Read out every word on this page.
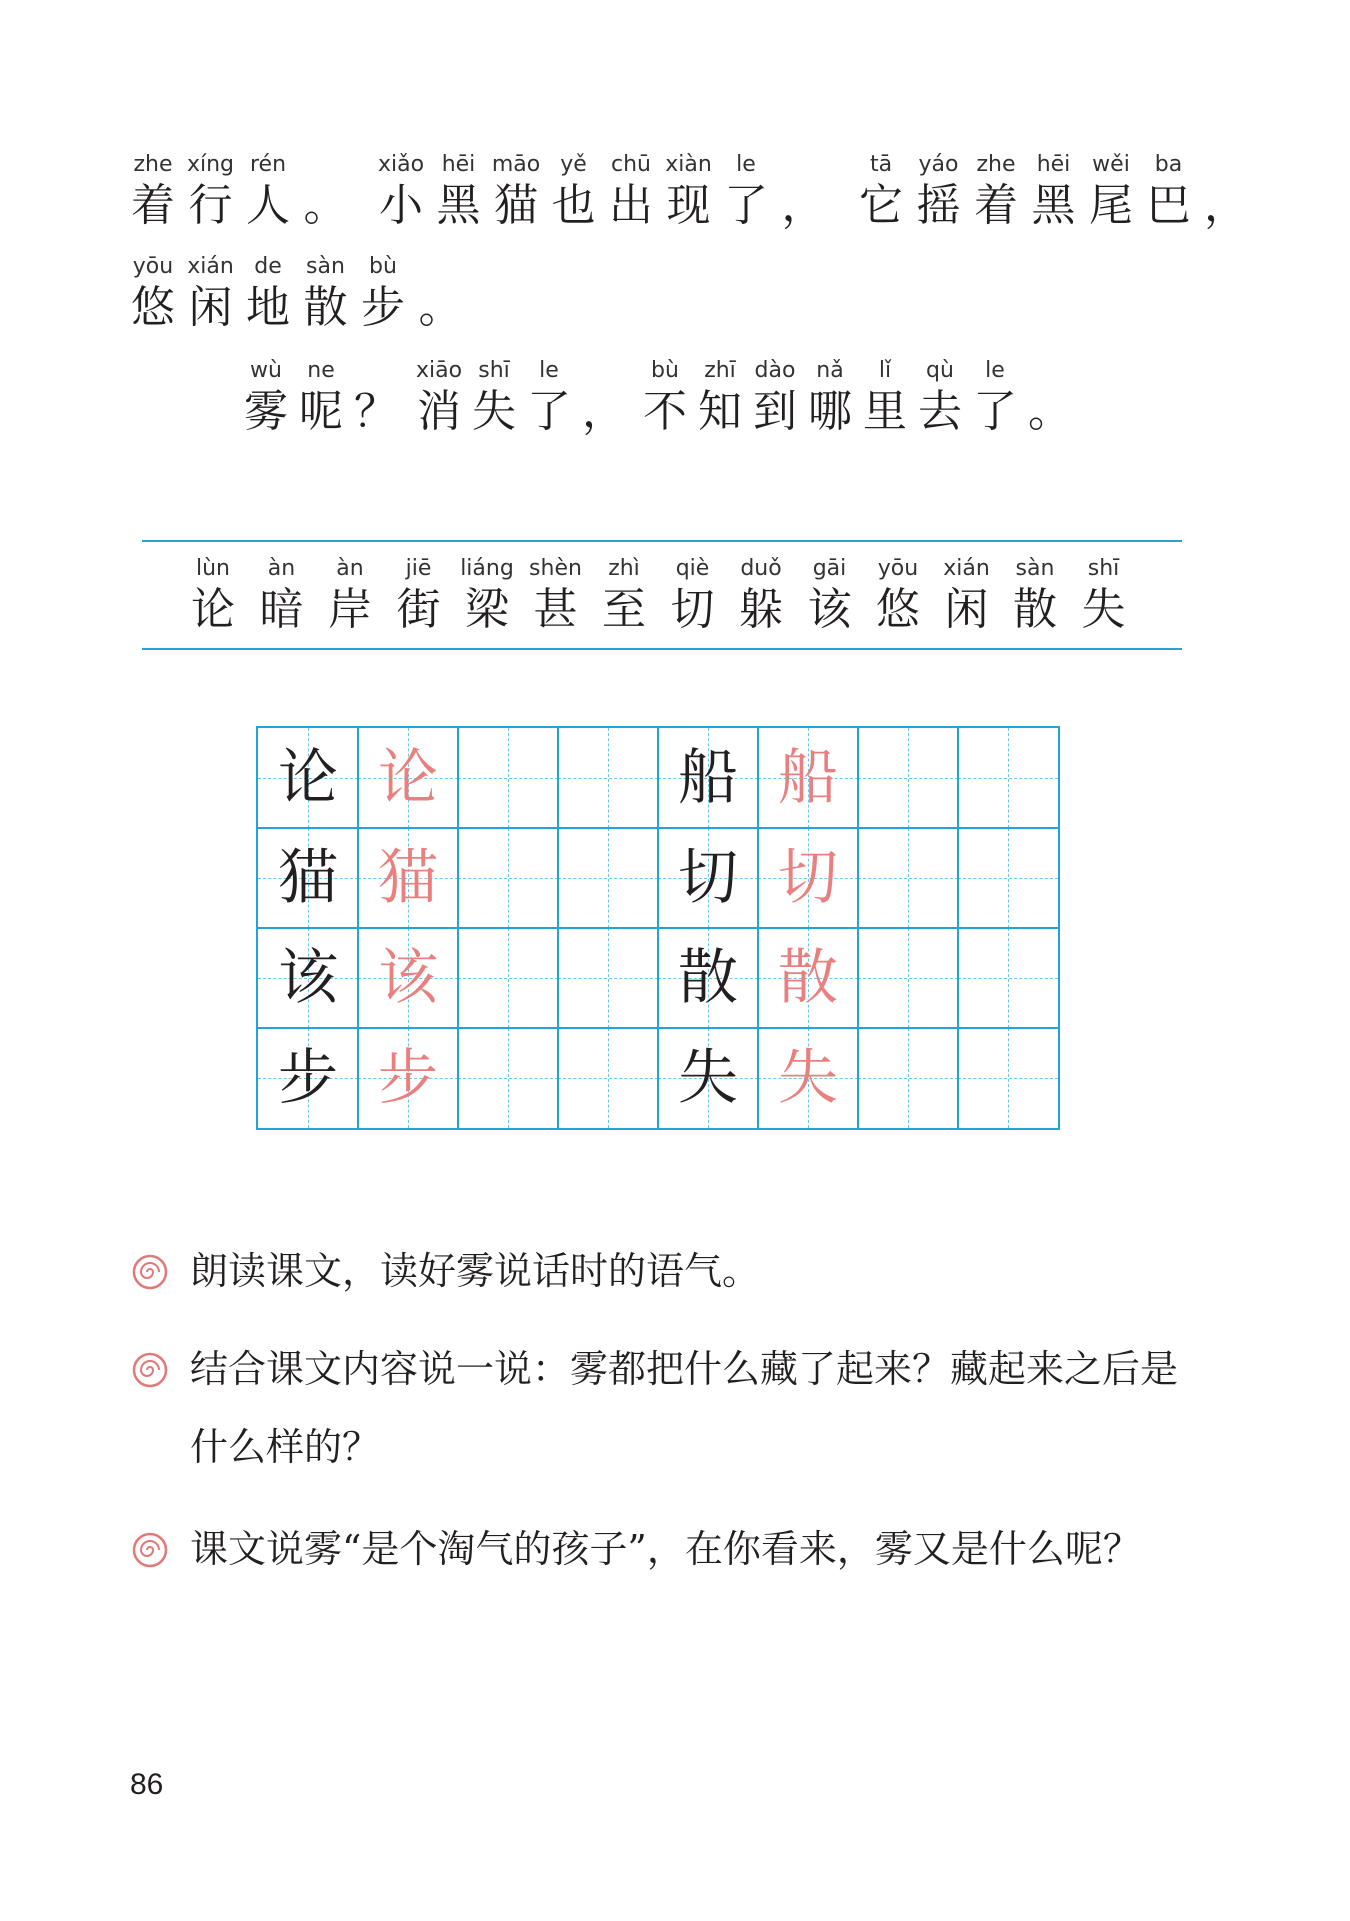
zhe
着
xíng
行
rén
人 。
xiǎo
小
hēi
黑
māo
猫
yě
也
chū
出
xiàn
现
le
了 ，
tā
它
yáo
摇
zhe
着
hēi
黑
wěi
尾
ba
巴 ，
yōu
悠
xián
闲
de
地
sàn
散
bù
步 。
wù
雾
ne
呢 ？
xiāo
消
shī
失
le
了 ，
bù
不
zhī
知
dào
到
nǎ
哪
lǐ
里
qù
去
le
了 。
lùn
论
àn
暗
àn
岸
jiē
街
liáng
梁
shèn
甚
zhì
至
qiè
切
duǒ
躲
gāi
该
yōu
悠
xián
闲
sàn
散
shī
失
论 论
猫 猫
该 该
步 步
船 船
切 切
散 散
失 失
朗读课文，读好雾说话时的语气。
结合课文内容说一说：雾都把什么藏了起来？藏起来之后是什么样的？
课文说雾“是个淘气的孩子”，在你看来，雾又是什么呢？
86
